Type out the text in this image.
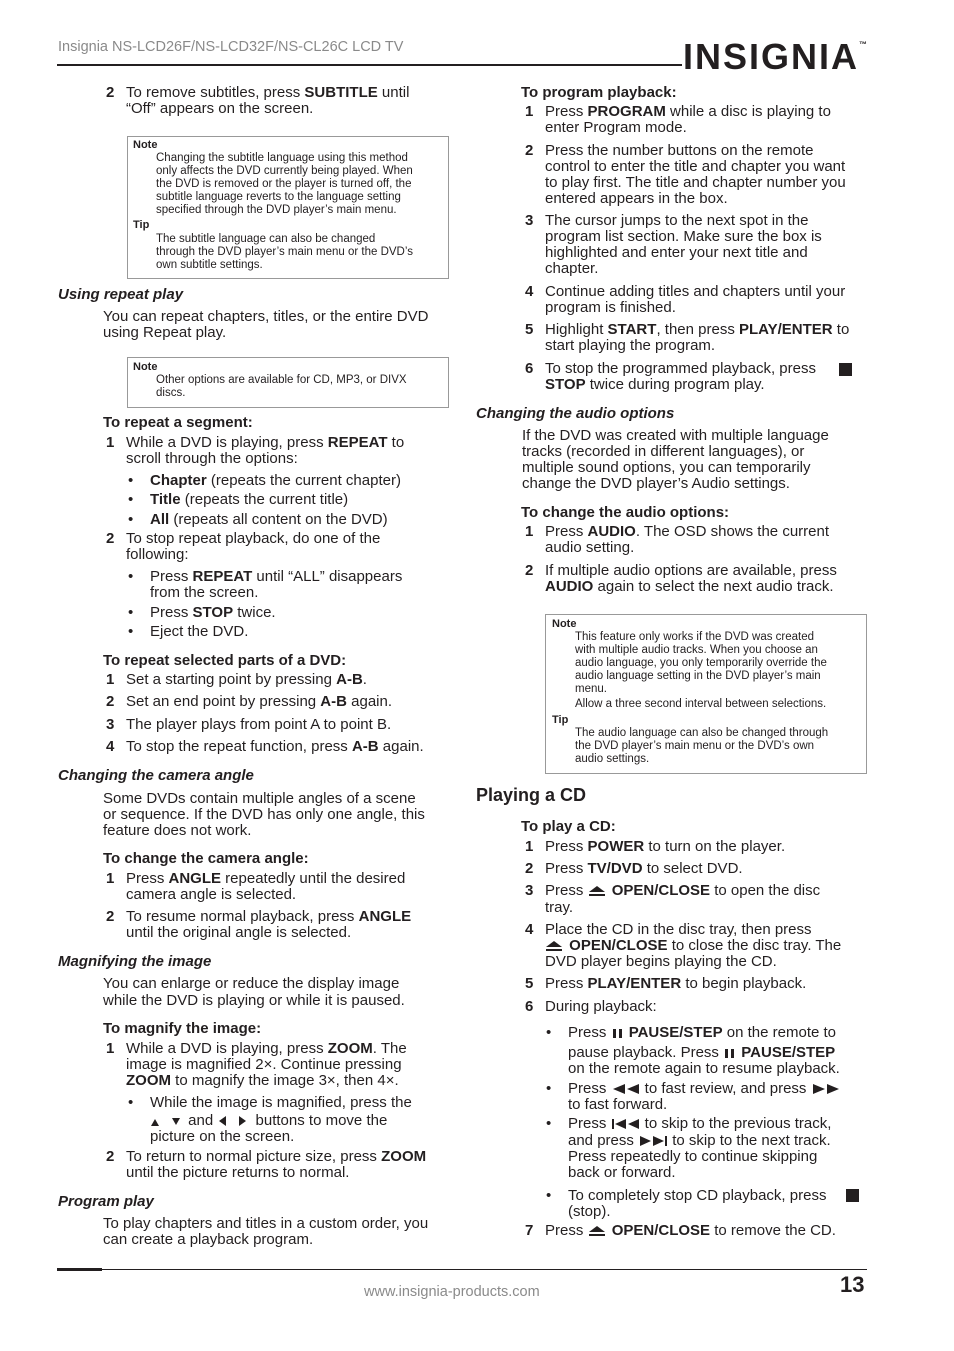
Insignia NS-LCD26F/NS-LCD32F/NS-CL26C LCD TV	INSIGNIA™
2 To remove subtitles, press SUBTITLE until
“Off” appears on the screen.
Note
Changing the subtitle language using this method
only affects the DVD currently being played. When
the DVD is removed or the player is turned off, the
subtitle language reverts to the language setting
specified through the DVD player’s main menu.
Tip
The subtitle language can also be changed
through the DVD player’s main menu or the DVD’s
own subtitle settings.
Using repeat play
You can repeat chapters, titles, or the entire DVD
using Repeat play.
Note
Other options are available for CD, MP3, or DIVX
discs.
To repeat a segment:
1 While a DVD is playing, press REPEAT to
scroll through the options:
• Chapter (repeats the current chapter)
• Title (repeats the current title)
• All (repeats all content on the DVD)
2 To stop repeat playback, do one of the
following:
• Press REPEAT until “ALL” disappears
from the screen.
• Press STOP twice.
• Eject the DVD.
To repeat selected parts of a DVD:
1 Set a starting point by pressing A-B.
2 Set an end point by pressing A-B again.
3 The player plays from point A to point B.
4 To stop the repeat function, press A-B again.
Changing the camera angle
Some DVDs contain multiple angles of a scene
or sequence. If the DVD has only one angle, this
feature does not work.
To change the camera angle:
1 Press ANGLE repeatedly until the desired
camera angle is selected.
2 To resume normal playback, press ANGLE
until the original angle is selected.
Magnifying the image
You can enlarge or reduce the display image
while the DVD is playing or while it is paused.
To magnify the image:
1 While a DVD is playing, press ZOOM. The
image is magnified 2×. Continue pressing
ZOOM to magnify the image 3×, then 4×.
• While the image is magnified, press the
and  buttons to move the
picture on the screen.
2 To return to normal picture size, press ZOOM
until the picture returns to normal.
Program play
To play chapters and titles in a custom order, you
can create a playback program.
To program playback:
1 Press PROGRAM while a disc is playing to
enter Program mode.
2 Press the number buttons on the remote
control to enter the title and chapter you want
to play first. The title and chapter number you
entered appears in the box.
3 The cursor jumps to the next spot in the
program list section. Make sure the box is
highlighted and enter your next title and
chapter.
4 Continue adding titles and chapters until your
program is finished.
5 Highlight START, then press PLAY/ENTER to
start playing the program.
6 To stop the programmed playback, press
STOP twice during program play.
Changing the audio options
If the DVD was created with multiple language
tracks (recorded in different languages), or
multiple sound options, you can temporarily
change the DVD player’s Audio settings.
To change the audio options:
1 Press AUDIO. The OSD shows the current
audio setting.
2 If multiple audio options are available, press
AUDIO again to select the next audio track.
Note
This feature only works if the DVD was created
with multiple audio tracks. When you choose an
audio language, you only temporarily override the
audio language setting in the DVD player’s main
menu.
Allow a three second interval between selections.
Tip
The audio language can also be changed through
the DVD player’s main menu or the DVD’s own
audio settings.
Playing a CD
To play a CD:
1 Press POWER to turn on the player.
2 Press TV/DVD to select DVD.
3 Press  OPEN/CLOSE to open the disc
tray.
4 Place the CD in the disc tray, then press
OPEN/CLOSE to close the disc tray. The
DVD player begins playing the CD.
5 Press PLAY/ENTER to begin playback.
6 During playback:
• Press  PAUSE/STEP on the remote to
pause playback. Press  PAUSE/STEP
on the remote again to resume playback.
• Press  to fast review, and press
to fast forward.
• Press  to skip to the previous track,
and press  to skip to the next track.
Press repeatedly to continue skipping
back or forward.
• To completely stop CD playback, press
(stop).
7 Press  OPEN/CLOSE to remove the CD.
www.insignia-products.com	13
